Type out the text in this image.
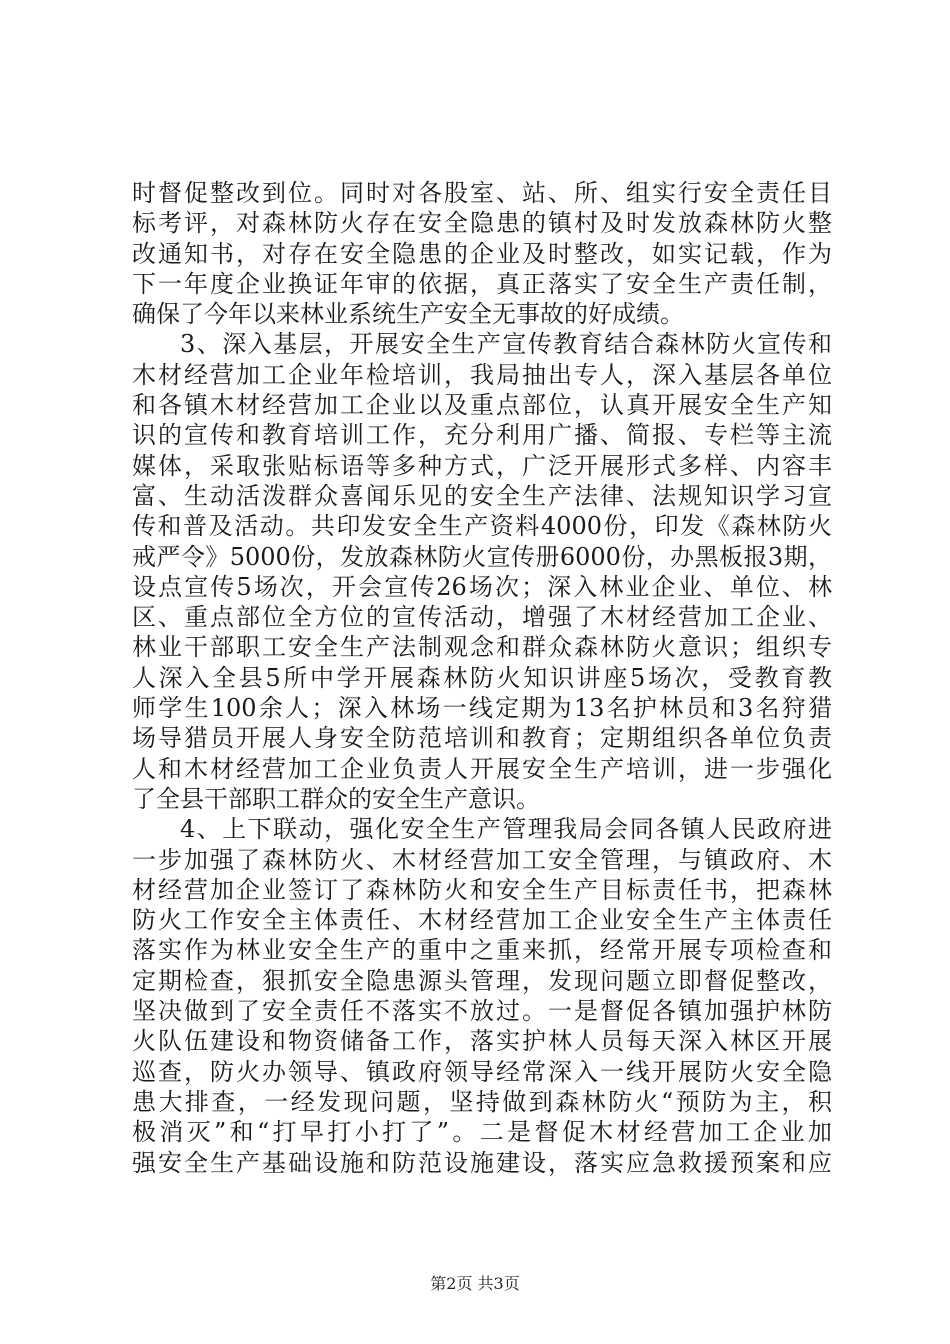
时督促整改到位。同时对各股室、站、所、组实行安全责任目
标考评，对森林防火存在安全隐患的镇村及时发放森林防火整
改通知书，对存在安全隐患的企业及时整改，如实记载，作为
下一年度企业换证年审的依据，真正落实了安全生产责任制，
确保了今年以来林业系统生产安全无事故的好成绩。
3、深入基层，开展安全生产宣传教育结合森林防火宣传和
木材经营加工企业年检培训，我局抽出专人，深入基层各单位
和各镇木材经营加工企业以及重点部位，认真开展安全生产知
识的宣传和教育培训工作，充分利用广播、简报、专栏等主流
媒体，采取张贴标语等多种方式，广泛开展形式多样、内容丰
富、生动活泼群众喜闻乐见的安全生产法律、法规知识学习宣
传和普及活动。共印发安全生产资料4000份，印发《森林防火
戒严令》5000份，发放森林防火宣传册6000份，办黑板报3期，
设点宣传5场次，开会宣传26场次；深入林业企业、单位、林
区、重点部位全方位的宣传活动，增强了木材经营加工企业、
林业干部职工安全生产法制观念和群众森林防火意识；组织专
人深入全县5所中学开展森林防火知识讲座5场次，受教育教
师学生100余人；深入林场一线定期为13名护林员和3名狩猎
场导猎员开展人身安全防范培训和教育；定期组织各单位负责
人和木材经营加工企业负责人开展安全生产培训，进一步强化
了全县干部职工群众的安全生产意识。
4、上下联动，强化安全生产管理我局会同各镇人民政府进
一步加强了森林防火、木材经营加工安全管理，与镇政府、木
材经营加企业签订了森林防火和安全生产目标责任书，把森林
防火工作安全主体责任、木材经营加工企业安全生产主体责任
落实作为林业安全生产的重中之重来抓，经常开展专项检查和
定期检查，狠抓安全隐患源头管理，发现问题立即督促整改，
坚决做到了安全责任不落实不放过。一是督促各镇加强护林防
火队伍建设和物资储备工作，落实护林人员每天深入林区开展
巡查，防火办领导、镇政府领导经常深入一线开展防火安全隐
患大排查，一经发现问题，坚持做到森林防火“预防为主，积
极消灭”和“打早打小打了”。二是督促木材经营加工企业加
强安全生产基础设施和防范设施建设，落实应急救援预案和应
第2页 共3页
